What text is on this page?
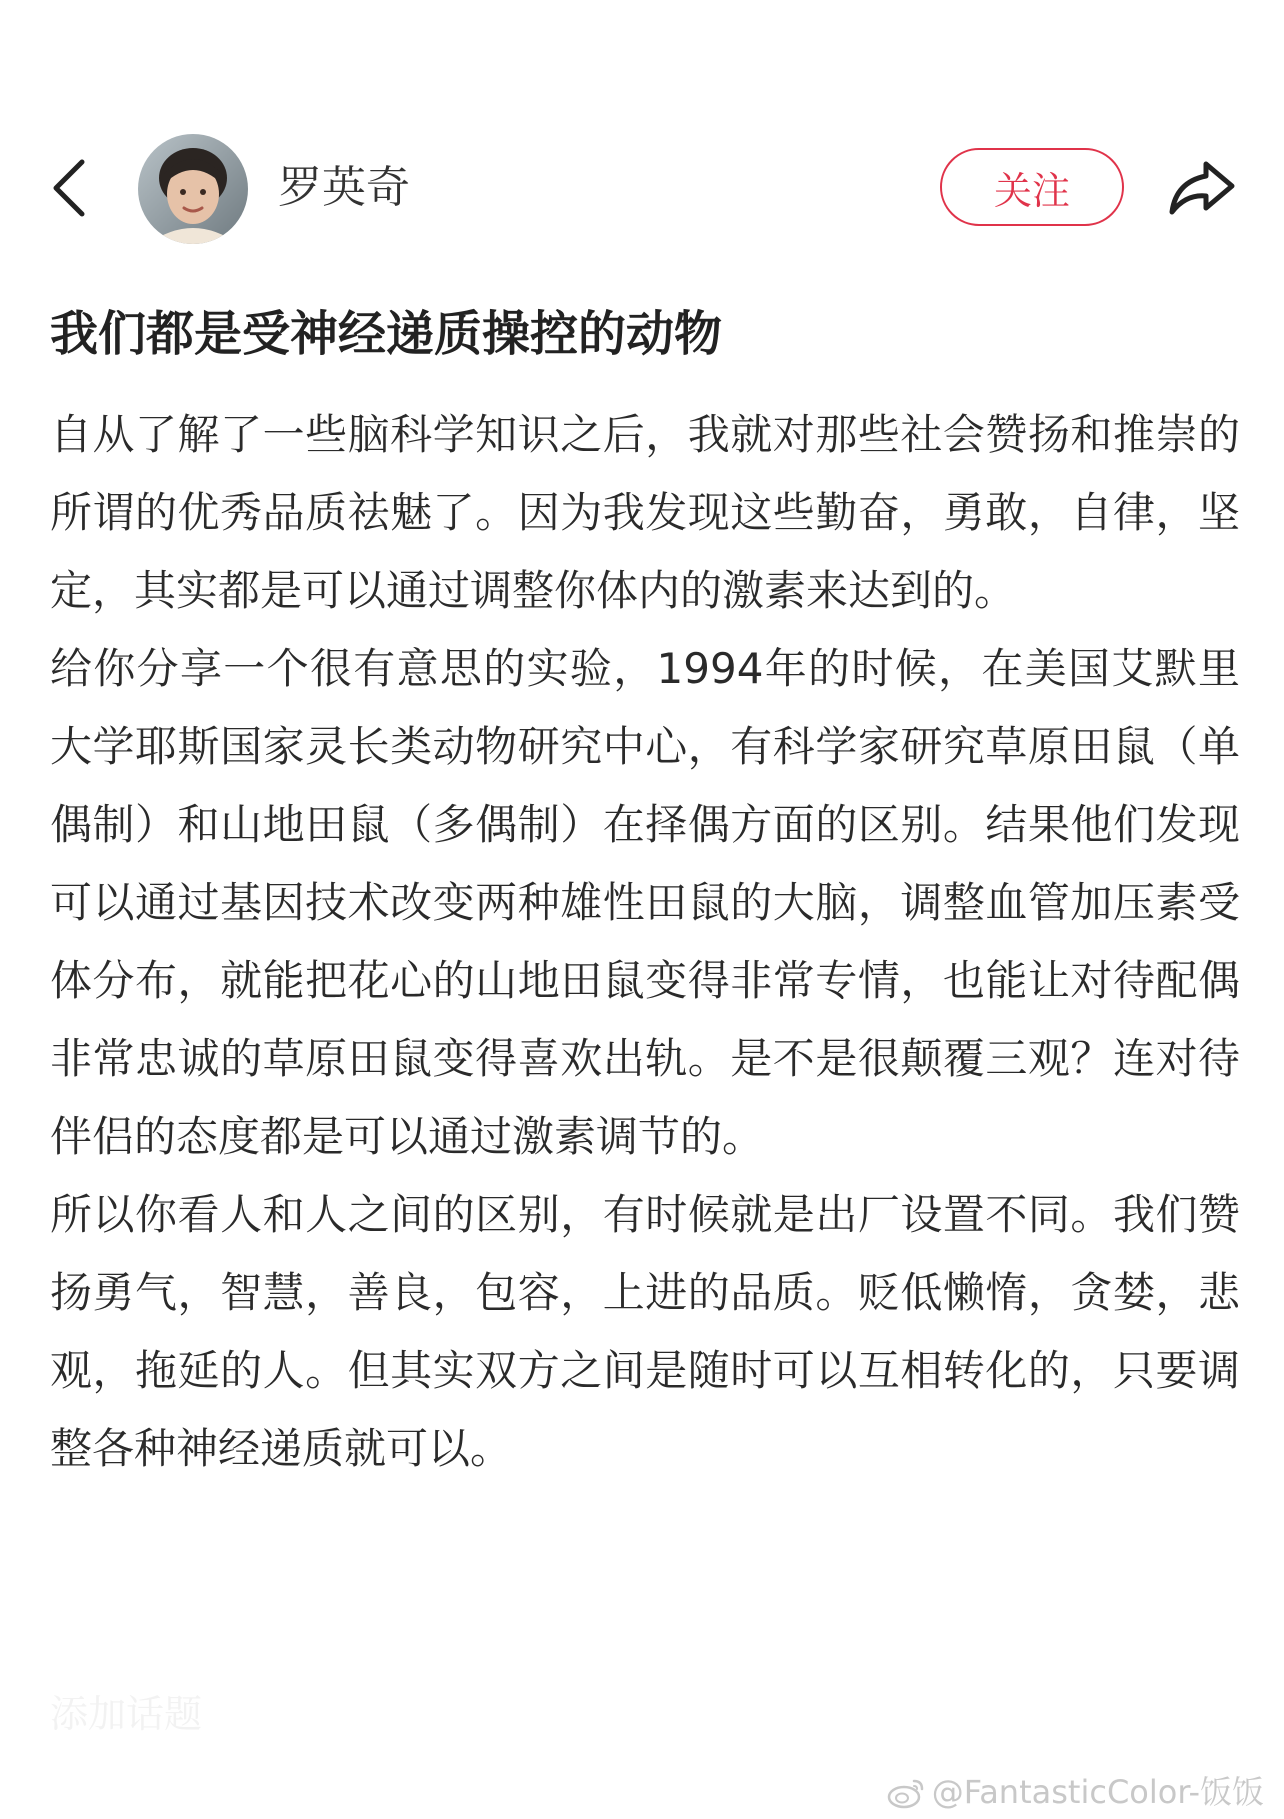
罗英奇	关注
我们都是受神经递质操控的动物

自从了解了一些脑科学知识之后，我就对那些社会赞扬和推崇的所谓的优秀品质祛魅了。因为我发现这些勤奋，勇敢，自律，坚定，其实都是可以通过调整你体内的激素来达到的。

给你分享一个很有意思的实验，1994年的时候，在美国艾默里大学耶斯国家灵长类动物研究中心，有科学家研究草原田鼠（单偶制）和山地田鼠（多偶制）在择偶方面的区别。结果他们发现可以通过基因技术改变两种雄性田鼠的大脑，调整血管加压素受体分布，就能把花心的山地田鼠变得非常专情，也能让对待配偶非常忠诚的草原田鼠变得喜欢出轨。是不是很颠覆三观？连对待伴侣的态度都是可以通过激素调节的。

所以你看人和人之间的区别，有时候就是出厂设置不同。我们赞扬勇气，智慧，善良，包容，上进的品质。贬低懒惰，贪婪，悲观，拖延的人。但其实双方之间是随时可以互相转化的，只要调整各种神经递质就可以。

添加话题
@FantasticColor-饭饭
